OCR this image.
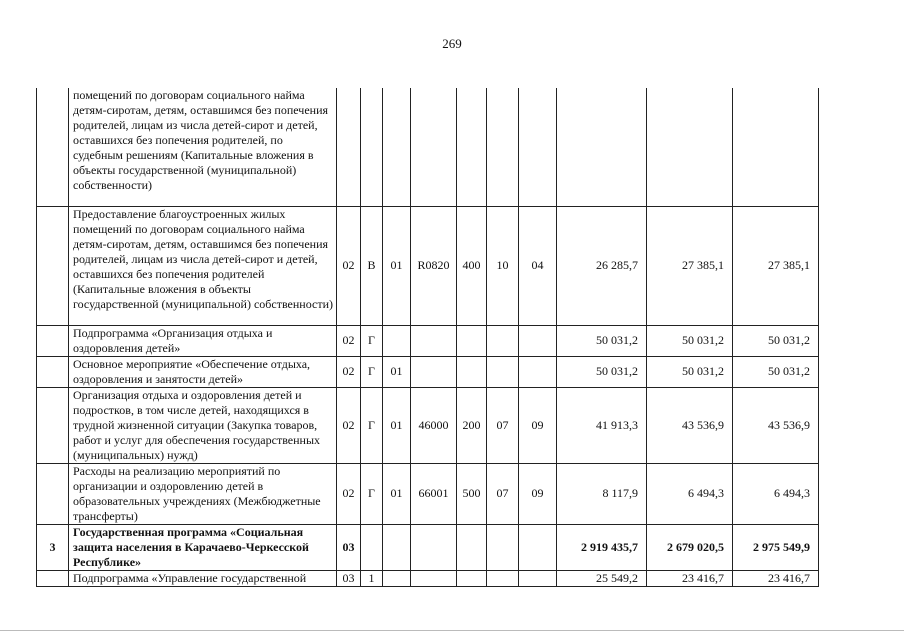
269
	помещений по договорам социального найма детям-сиротам, детям, оставшимся без попечения родителей, лицам из числа детей-сирот и детей, оставшихся без попечения родителей, по судебным решениям (Капитальные вложения в объекты государственной (муниципальной) собственности)										
	Предоставление благоустроенных жилых помещений по договорам социального найма детям-сиротам, детям, оставшимся без попечения родителей, лицам из числа детей-сирот и детей, оставшихся без попечения родителей (Капитальные вложения в объекты государственной (муниципальной) собственности)	02	В	01	R0820	400	10	04	26 285,7	27 385,1	27 385,1
	Подпрограмма «Организация отдыха и оздоровления детей»	02	Г						50 031,2	50 031,2	50 031,2
	Основное мероприятие «Обеспечение отдыха, оздоровления и занятости детей»	02	Г	01					50 031,2	50 031,2	50 031,2
	Организация отдыха и оздоровления детей и подростков, в том числе детей, находящихся в трудной жизненной ситуации (Закупка товаров, работ и услуг для обеспечения государственных (муниципальных) нужд)	02	Г	01	46000	200	07	09	41 913,3	43 536,9	43 536,9
	Расходы на реализацию мероприятий по организации и оздоровлению детей в образовательных учреждениях (Межбюджетные трансферты)	02	Г	01	66001	500	07	09	8 117,9	6 494,3	6 494,3
3	Государственная программа «Социальная защита населения в Карачаево-Черкесской Республике»	03							2 919 435,7	2 679 020,5	2 975 549,9
	Подпрограмма «Управление государственной	03	1						25 549,2	23 416,7	23 416,7
